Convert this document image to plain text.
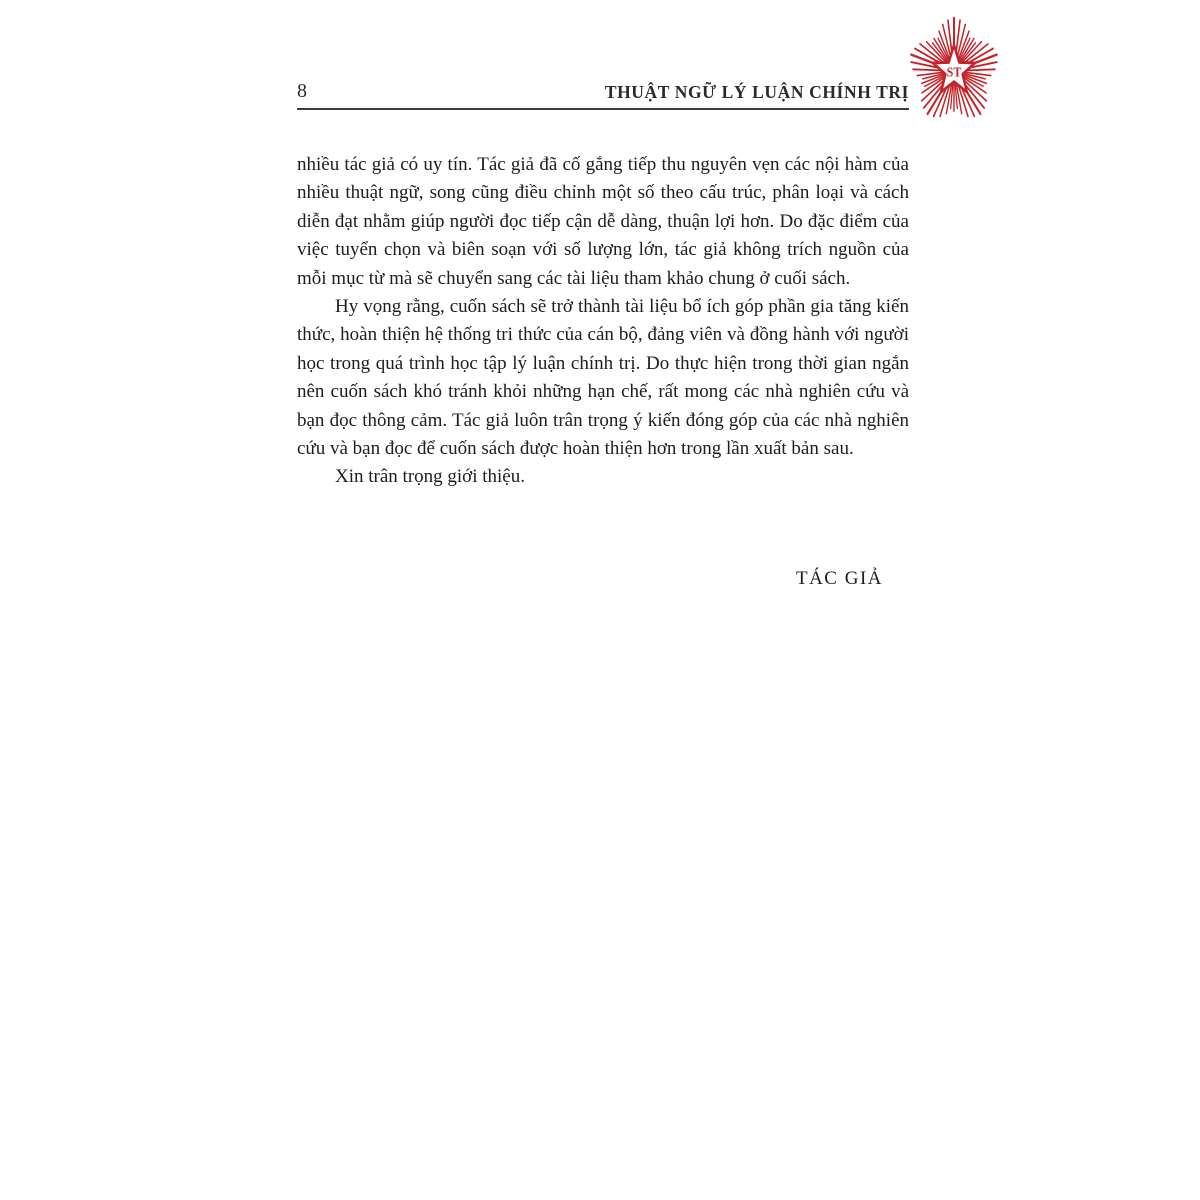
8	THUẬT NGỮ LÝ LUẬN CHÍNH TRỊ
ST

nhiều tác giả có uy tín. Tác giả đã cố gắng tiếp thu nguyên vẹn các nội hàm của nhiều thuật ngữ, song cũng điều chỉnh một số theo cấu trúc, phân loại và cách diễn đạt nhằm giúp người đọc tiếp cận dễ dàng, thuận lợi hơn. Do đặc điểm của việc tuyển chọn và biên soạn với số lượng lớn, tác giả không trích nguồn của mỗi mục từ mà sẽ chuyển sang các tài liệu tham khảo chung ở cuối sách.

Hy vọng rằng, cuốn sách sẽ trở thành tài liệu bổ ích góp phần gia tăng kiến thức, hoàn thiện hệ thống tri thức của cán bộ, đảng viên và đồng hành với người học trong quá trình học tập lý luận chính trị. Do thực hiện trong thời gian ngắn nên cuốn sách khó tránh khỏi những hạn chế, rất mong các nhà nghiên cứu và bạn đọc thông cảm. Tác giả luôn trân trọng ý kiến đóng góp của các nhà nghiên cứu và bạn đọc để cuốn sách được hoàn thiện hơn trong lần xuất bản sau.

Xin trân trọng giới thiệu.

TÁC GIẢ
